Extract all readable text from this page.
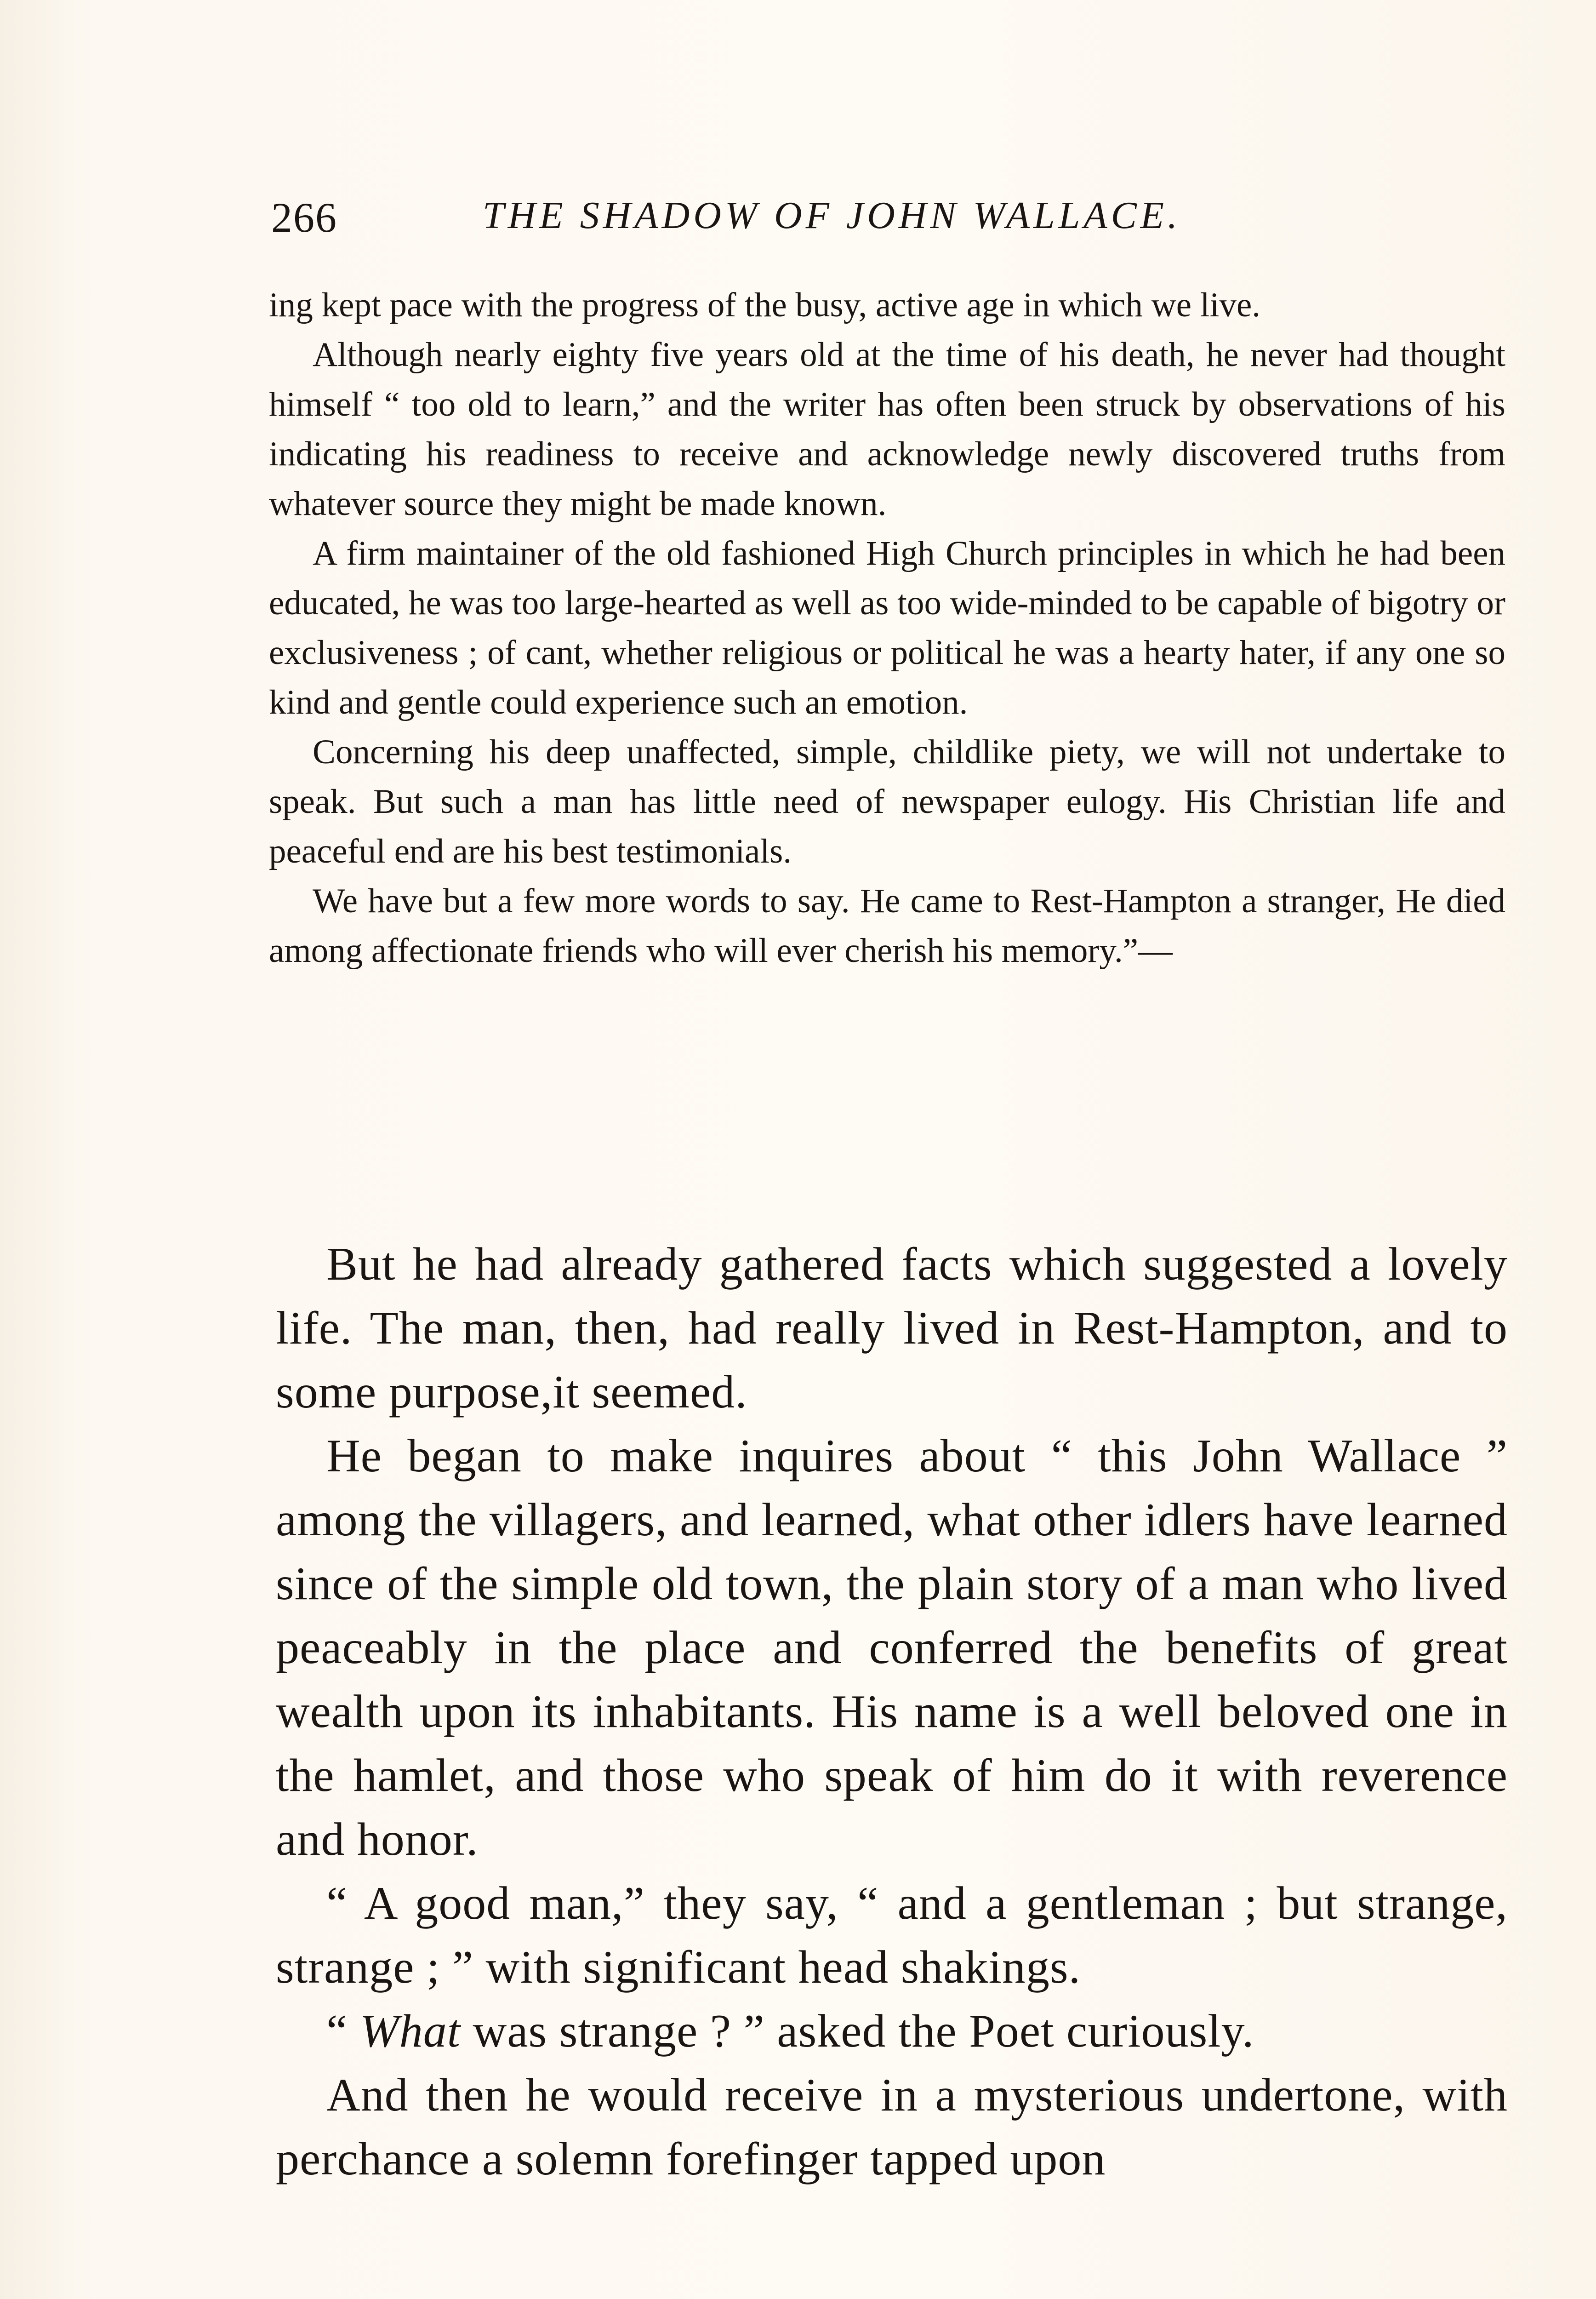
266	THE SHADOW OF JOHN WALLACE.

ing kept pace with the progress of the busy, active age in which we live.

Although nearly eighty five years old at the time of his death, he never had thought himself “ too old to learn,” and the writer has often been struck by observations of his indicating his readiness to receive and acknowledge newly discovered truths from whatever source they might be made known.

A firm maintainer of the old fashioned High Church principles in which he had been educated, he was too large-hearted as well as too wide-minded to be capable of bigotry or exclusiveness ; of cant, whether religious or political he was a hearty hater, if any one so kind and gentle could experience such an emotion.

Concerning his deep unaffected, simple, childlike piety, we will not undertake to speak. But such a man has little need of newspaper eulogy. His Christian life and peaceful end are his best testimonials.

We have but a few more words to say. He came to Rest-Hampton a stranger, He died among affectionate friends who will ever cherish his memory.”—

But he had already gathered facts which suggested a lovely life. The man, then, had really lived in Rest-Hampton, and to some purpose,it seemed.

He began to make inquires about “ this John Wallace ” among the villagers, and learned, what other idlers have learned since of the simple old town, the plain story of a man who lived peaceably in the place and conferred the benefits of great wealth upon its inhabitants. His name is a well beloved one in the hamlet, and those who speak of him do it with reverence and honor.

“ A good man,” they say, “ and a gentleman ; but strange, strange ; ” with significant head shakings.

“ What was strange ? ” asked the Poet curiously.

And then he would receive in a mysterious undertone, with perchance a solemn forefinger tapped upon
